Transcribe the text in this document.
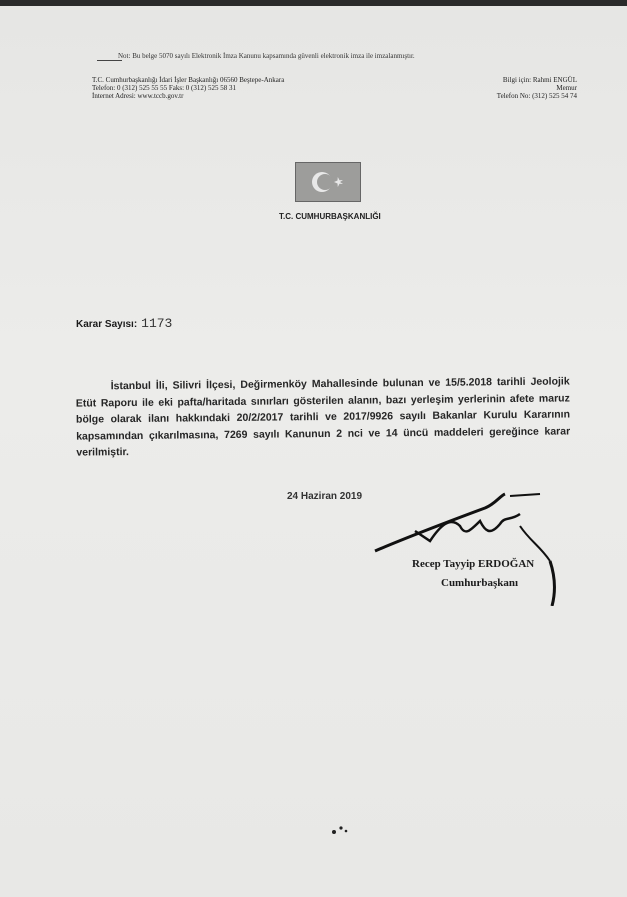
Not: Bu belge 5070 sayılı Elektronik İmza Kanunu kapsamında güvenli elektronik imza ile imzalanmıştır.
T.C. Cumhurbaşkanlığı İdari İşler Başkanlığı 06560 Beştepe-Ankara
Telefon: 0 (312) 525 55 55 Faks: 0 (312) 525 58 31
İnternet Adresi: www.tccb.gov.tr
Bilgi için: Rahmi ENGÜL
Memur
Telefon No: (312) 525 54 74
T.C. CUMHURBAŞKANLIĞI
Karar Sayısı: 1173
İstanbul İli, Silivri İlçesi, Değirmenköy Mahallesinde bulunan ve 15/5.2018 tarihli Jeolojik Etüt Raporu ile eki pafta/haritada sınırları gösterilen alanın, bazı yerleşim yerlerinin afete maruz bölge olarak ilanı hakkındaki 20/2/2017 tarihli ve 2017/9926 sayılı Bakanlar Kurulu Kararının kapsamından çıkarılmasına, 7269 sayılı Kanunun 2 nci ve 14 üncü maddeleri gereğince karar verilmiştir.
24 Haziran 2019
Recep Tayyip ERDOĞAN
Cumhurbaşkanı
